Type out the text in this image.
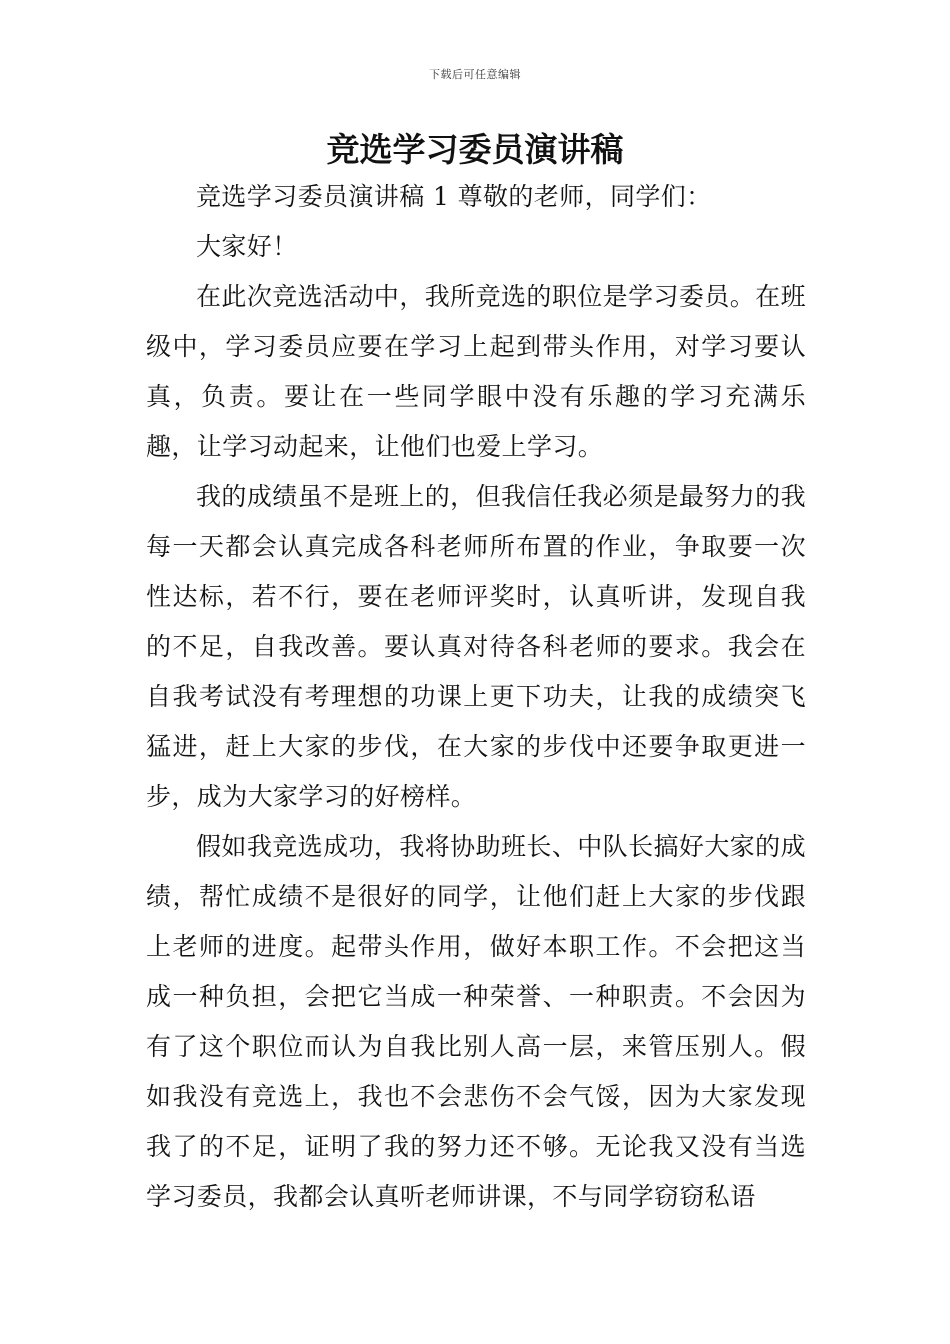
下载后可任意编辑
竞选学习委员演讲稿

竞选学习委员演讲稿 1 尊敬的老师，同学们：

大家好！

在此次竞选活动中，我所竞选的职位是学习委员。在班级中，学习委员应要在学习上起到带头作用，对学习要认真，负责。要让在一些同学眼中没有乐趣的学习充满乐趣，让学习动起来，让他们也爱上学习。

我的成绩虽不是班上的，但我信任我必须是最努力的我每一天都会认真完成各科老师所布置的作业，争取要一次性达标，若不行，要在老师评奖时，认真听讲，发现自我的不足，自我改善。要认真对待各科老师的要求。我会在自我考试没有考理想的功课上更下功夫，让我的成绩突飞猛进，赶上大家的步伐，在大家的步伐中还要争取更进一步，成为大家学习的好榜样。

假如我竞选成功，我将协助班长、中队长搞好大家的成绩，帮忙成绩不是很好的同学，让他们赶上大家的步伐跟上老师的进度。起带头作用，做好本职工作。不会把这当成一种负担，会把它当成一种荣誉、一种职责。不会因为有了这个职位而认为自我比别人高一层，来管压别人。假如我没有竞选上，我也不会悲伤不会气馁，因为大家发现我了的不足，证明了我的努力还不够。无论我又没有当选学习委员，我都会认真听老师讲课，不与同学窃窃私语
